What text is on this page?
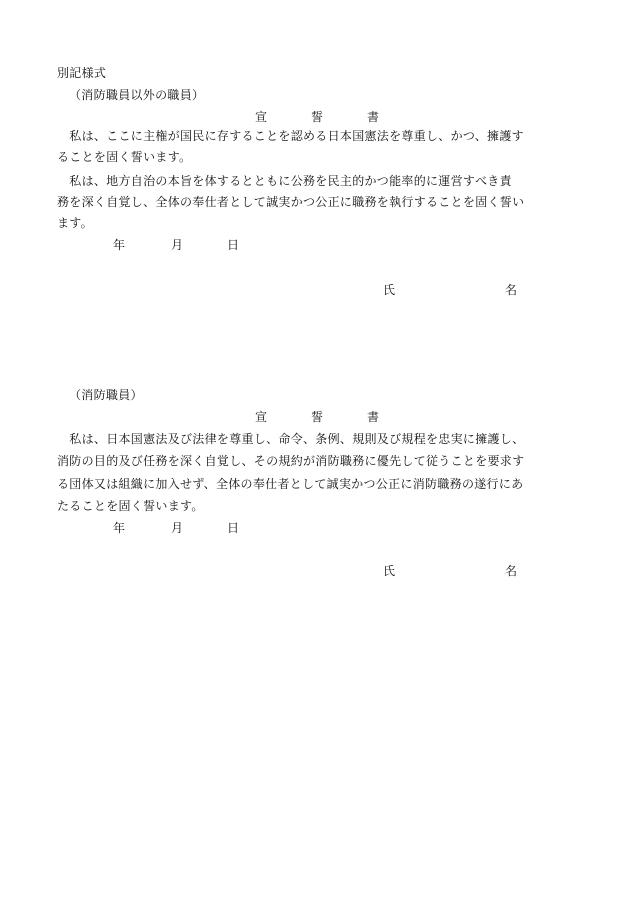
別記様式
（消防職員以外の職員）
宣	誓	書
　私は、ここに主権が国民に存することを認める日本国憲法を尊重し、かつ、擁護す
ることを固く誓います。
　私は、地方自治の本旨を体するとともに公務を民主的かつ能率的に運営すべき責
務を深く自覚し、全体の奉仕者として誠実かつ公正に職務を執行することを固く誓い
ます。
年	月	日
氏	名
（消防職員）
宣	誓	書
　私は、日本国憲法及び法律を尊重し、命令、条例、規則及び規程を忠実に擁護し、
消防の目的及び任務を深く自覚し、その規約が消防職務に優先して従うことを要求す
る団体又は組織に加入せず、全体の奉仕者として誠実かつ公正に消防職務の遂行にあ
たることを固く誓います。
年	月	日
氏	名
